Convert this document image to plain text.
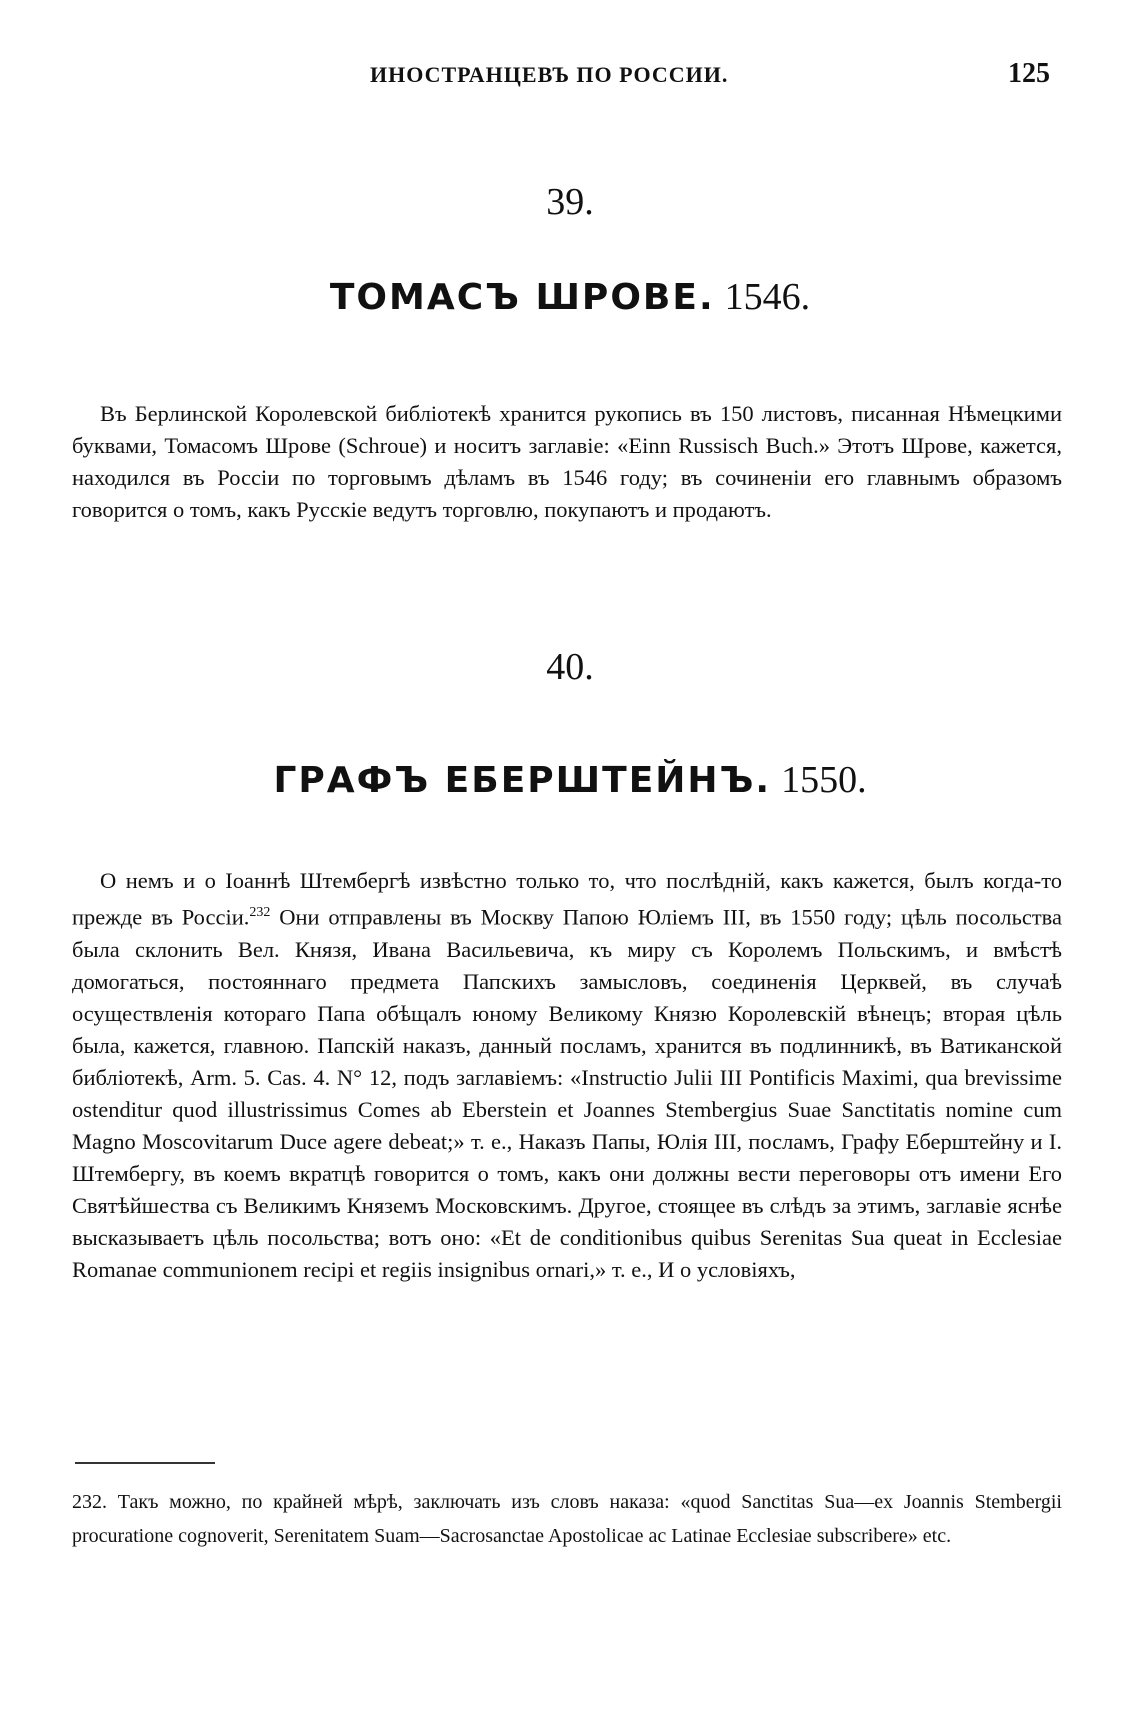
ИНОСТРАНЦЕВЪ ПО РОССИИ.	125
39.
ТОМАСЪ ШРОВЕ. 1546.
Въ Берлинской Королевской библіотекѣ хранится рукопись въ 150 листовъ, писанная Нѣмецкими буквами, Томасомъ Шрове (Schroue) и носитъ заглавіе: «Einn Russisch Buch.» Этотъ Шрове, кажется, находился въ Россіи по торговымъ дѣламъ въ 1546 году; въ сочиненіи его главнымъ образомъ говорится о томъ, какъ Русскіе ведутъ торговлю, покупаютъ и продаютъ.
40.
ГРАФЪ ЕБЕРШТЕЙНЪ. 1550.
О немъ и о Іоаннѣ Штембергѣ извѣстно только то, что послѣдній, какъ кажется, былъ когда-то прежде въ Россіи.$^{232}$ Они отправлены въ Москву Папою Юліемъ III, въ 1550 году; цѣль посольства была склонить Вел. Князя, Ивана Васильевича, къ миру съ Королемъ Польскимъ, и вмѣстѣ домогаться, постояннаго предмета Папскихъ замысловъ, соединенія Церквей, въ случаѣ осуществленія котораго Папа обѣщалъ юному Великому Князю Королевскій вѣнецъ; вторая цѣль была, кажется, главною. Папскій наказъ, данный посламъ, хранится въ подлинникѣ, въ Ватиканской библіотекѣ, Arm. 5. Cas. 4. N° 12, подъ заглавіемъ: «Instructio Julii III Pontificis Maximi, qua brevissime ostenditur quod illustrissimus Comes ab Eberstein et Joannes Stembergius Suae Sanctitatis nomine cum Magno Moscovitarum Duce agere debeat;» т. е., Наказъ Папы, Юлія III, посламъ, Графу Еберштейну и І. Штембергу, въ коемъ вкратцѣ говорится о томъ, какъ они должны вести переговоры отъ имени Его Святѣйшества съ Великимъ Княземъ Московскимъ. Другое, стоящее въ слѣдъ за этимъ, заглавіе яснѣе высказываетъ цѣль посольства; вотъ оно: «Et de conditionibus quibus Serenitas Sua queat in Ecclesiae Romanae communionem recipi et regiis insignibus ornari,» т. е., И о условіяхъ,
232. Такъ можно, по крайней мѣрѣ, заключать изъ словъ наказа: «quod Sanctitas Sua—ex Joannis Stembergii procuratione cognoverit, Serenitatem Suam—Sacrosanctae Apostolicae ac Latinae Ecclesiae subscribere» etc.
